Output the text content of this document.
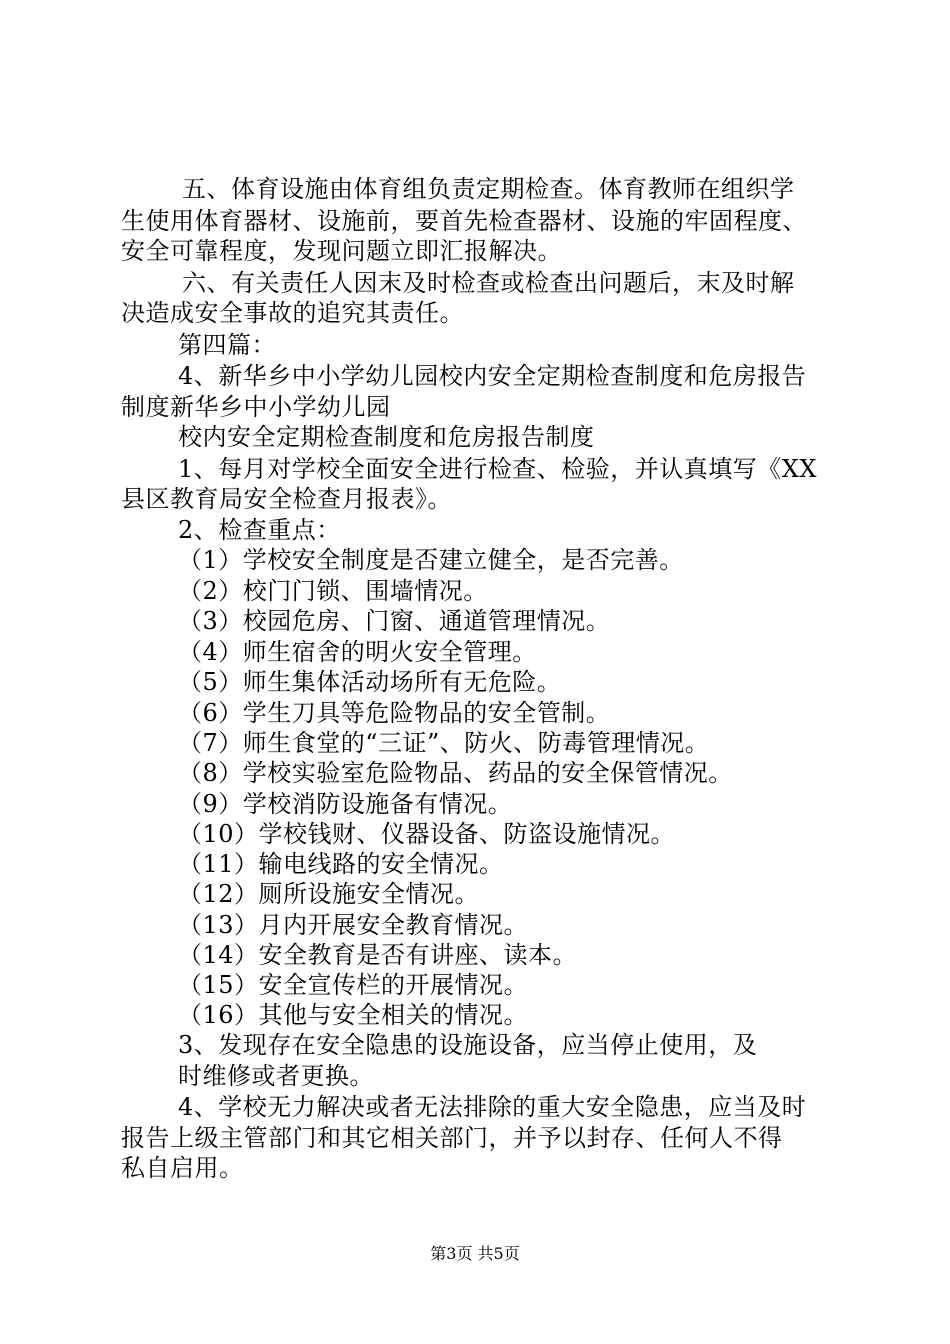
五、体育设施由体育组负责定期检查。体育教师在组织学
生使用体育器材、设施前，要首先检查器材、设施的牢固程度、
安全可靠程度，发现问题立即汇报解决。
六、有关责任人因末及时检查或检查出问题后，末及时解
决造成安全事故的追究其责任。
第四篇：
4、新华乡中小学幼儿园校内安全定期检查制度和危房报告
制度新华乡中小学幼儿园
校内安全定期检查制度和危房报告制度
1、每月对学校全面安全进行检查、检验，并认真填写《XX
县区教育局安全检查月报表》。
2、检查重点：
（1）学校安全制度是否建立健全，是否完善。
（2）校门门锁、围墙情况。
（3）校园危房、门窗、通道管理情况。
（4）师生宿舍的明火安全管理。
（5）师生集体活动场所有无危险。
（6）学生刀具等危险物品的安全管制。
（7）师生食堂的“三证”、防火、防毒管理情况。
（8）学校实验室危险物品、药品的安全保管情况。
（9）学校消防设施备有情况。
（10）学校钱财、仪器设备、防盗设施情况。
（11）输电线路的安全情况。
（12）厕所设施安全情况。
（13）月内开展安全教育情况。
（14）安全教育是否有讲座、读本。
（15）安全宣传栏的开展情况。
（16）其他与安全相关的情况。
3、发现存在安全隐患的设施设备，应当停止使用，及
时维修或者更换。
4、学校无力解决或者无法排除的重大安全隐患，应当及时
报告上级主管部门和其它相关部门，并予以封存、任何人不得
私自启用。
第3页 共5页
